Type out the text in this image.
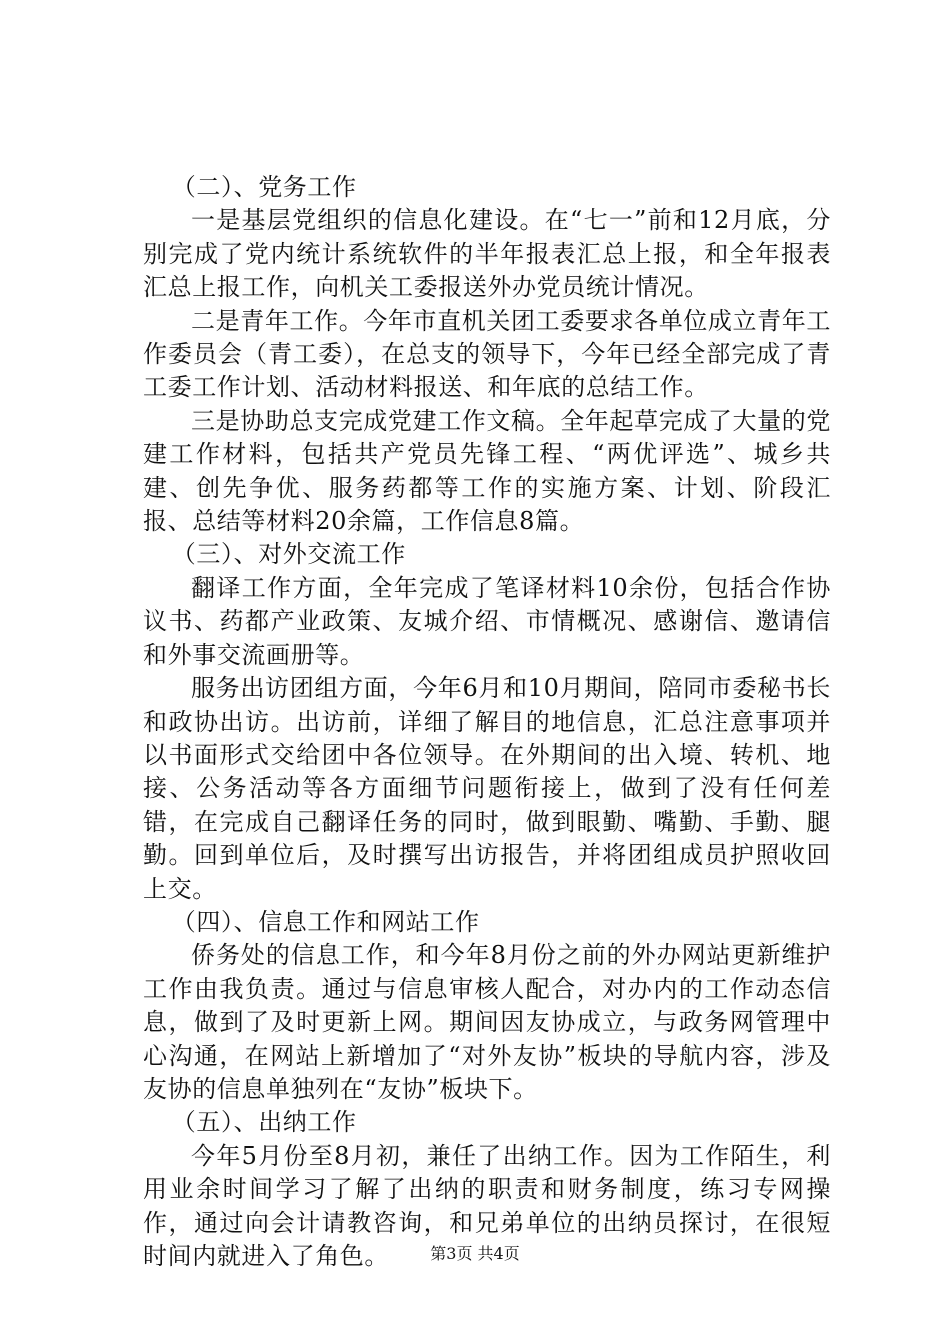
（二）、党务工作

一是基层党组织的信息化建设。在“七一”前和12月底，分别完成了党内统计系统软件的半年报表汇总上报，和全年报表汇总上报工作，向机关工委报送外办党员统计情况。

二是青年工作。今年市直机关团工委要求各单位成立青年工作委员会（青工委），在总支的领导下，今年已经全部完成了青工委工作计划、活动材料报送、和年底的总结工作。

三是协助总支完成党建工作文稿。全年起草完成了大量的党建工作材料，包括共产党员先锋工程、“两优评选”、城乡共建、创先争优、服务药都等工作的实施方案、计划、阶段汇报、总结等材料20余篇，工作信息8篇。

（三）、对外交流工作

翻译工作方面，全年完成了笔译材料10余份，包括合作协议书、药都产业政策、友城介绍、市情概况、感谢信、邀请信和外事交流画册等。

服务出访团组方面，今年6月和10月期间，陪同市委秘书长和政协出访。出访前，详细了解目的地信息，汇总注意事项并以书面形式交给团中各位领导。在外期间的出入境、转机、地接、公务活动等各方面细节问题衔接上，做到了没有任何差错，在完成自己翻译任务的同时，做到眼勤、嘴勤、手勤、腿勤。回到单位后，及时撰写出访报告，并将团组成员护照收回上交。

（四）、信息工作和网站工作

侨务处的信息工作，和今年8月份之前的外办网站更新维护工作由我负责。通过与信息审核人配合，对办内的工作动态信息，做到了及时更新上网。期间因友协成立，与政务网管理中心沟通，在网站上新增加了“对外友协”板块的导航内容，涉及友协的信息单独列在“友协”板块下。

（五）、出纳工作

今年5月份至8月初，兼任了出纳工作。因为工作陌生，利用业余时间学习了解了出纳的职责和财务制度，练习专网操作，通过向会计请教咨询，和兄弟单位的出纳员探讨，在很短时间内就进入了角色。	第3页 共4页
